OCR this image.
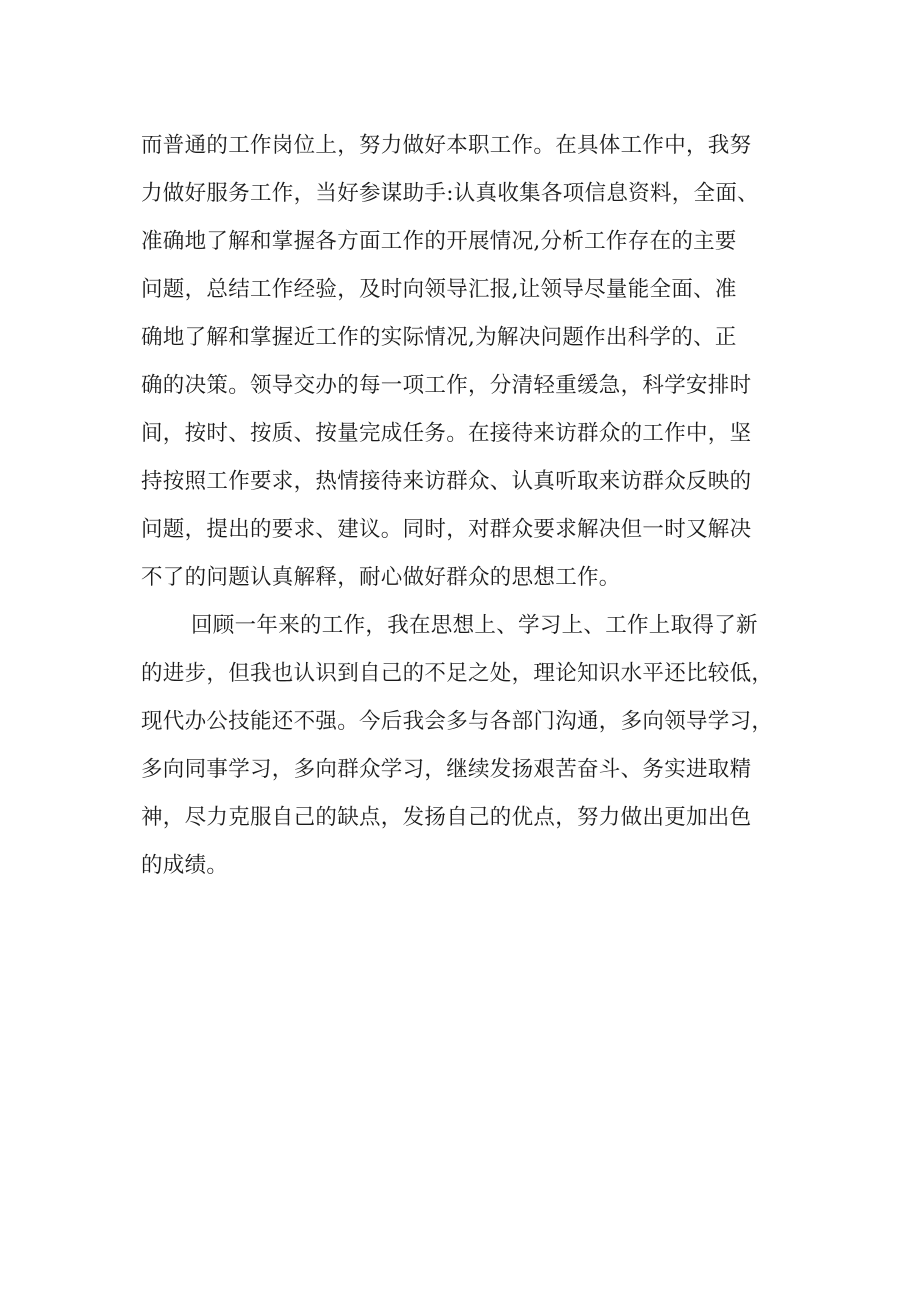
而普通的工作岗位上，努力做好本职工作。在具体工作中，我努
力做好服务工作，当好参谋助手:认真收集各项信息资料，全面、
准确地了解和掌握各方面工作的开展情况,分析工作存在的主要
问题，总结工作经验，及时向领导汇报,让领导尽量能全面、准
确地了解和掌握近工作的实际情况,为解决问题作出科学的、正
确的决策。领导交办的每一项工作，分清轻重缓急，科学安排时
间，按时、按质、按量完成任务。在接待来访群众的工作中，坚
持按照工作要求，热情接待来访群众、认真听取来访群众反映的
问题，提出的要求、建议。同时，对群众要求解决但一时又解决
不了的问题认真解释，耐心做好群众的思想工作。
回顾一年来的工作，我在思想上、学习上、工作上取得了新
的进步，但我也认识到自己的不足之处，理论知识水平还比较低，
现代办公技能还不强。今后我会多与各部门沟通，多向领导学习，
多向同事学习，多向群众学习，继续发扬艰苦奋斗、务实进取精
神，尽力克服自己的缺点，发扬自己的优点，努力做出更加出色
的成绩。
